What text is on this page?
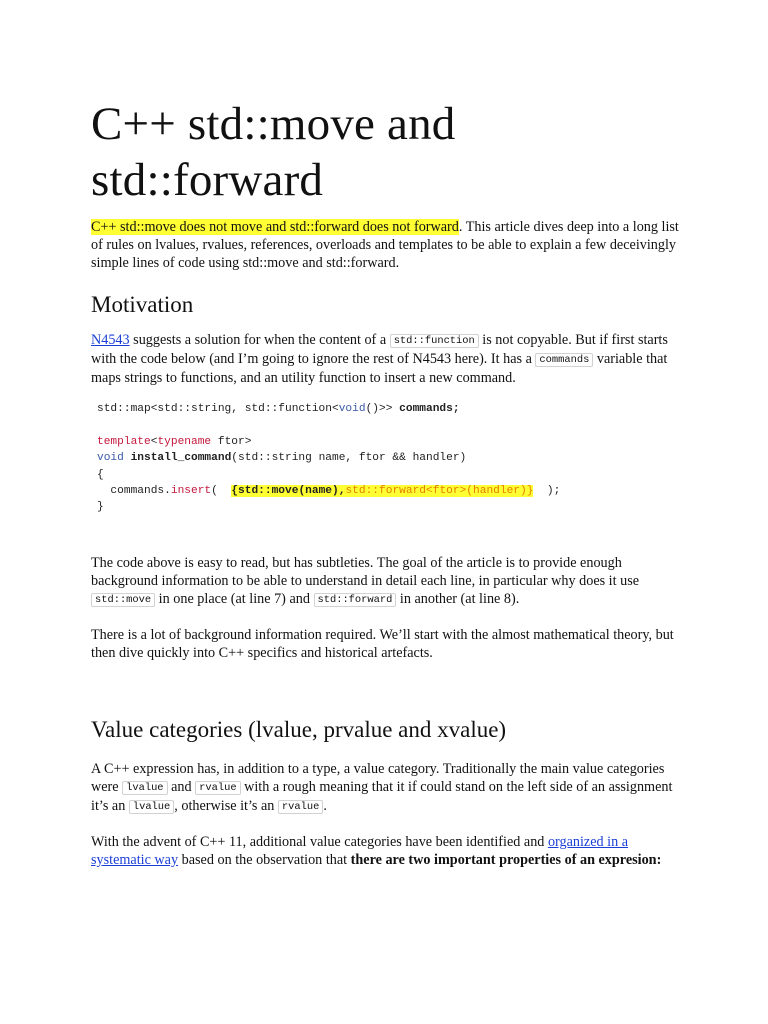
C++ std::move and std::forward

C++ std::move does not move and std::forward does not forward. This article dives deep into a long list of rules on lvalues, rvalues, references, overloads and templates to be able to explain a few deceivingly simple lines of code using std::move and std::forward.

Motivation

N4543 suggests a solution for when the content of a std::function is not copyable. But if first starts with the code below (and I’m going to ignore the rest of N4543 here). It has a commands variable that maps strings to functions, and an utility function to insert a new command.

std::map<std::string, std::function<void()>> commands;

template<typename ftor>
void install_command(std::string name, ftor && handler)
{
commands.insert(  {std::move(name),std::forward<ftor>(handler)}  );
}

The code above is easy to read, but has subtleties. The goal of the article is to provide enough background information to be able to understand in detail each line, in particular why does it use std::move in one place (at line 7) and std::forward in another (at line 8).

There is a lot of background information required. We’ll start with the almost mathematical theory, but then dive quickly into C++ specifics and historical artefacts.

Value categories (lvalue, prvalue and xvalue)

A C++ expression has, in addition to a type, a value category. Traditionally the main value categories were lvalue and rvalue with a rough meaning that it if could stand on the left side of an assignment it’s an lvalue , otherwise it’s an rvalue .

With the advent of C++ 11, additional value categories have been identified and organized in a systematic way based on the observation that there are two important properties of an expresion:
